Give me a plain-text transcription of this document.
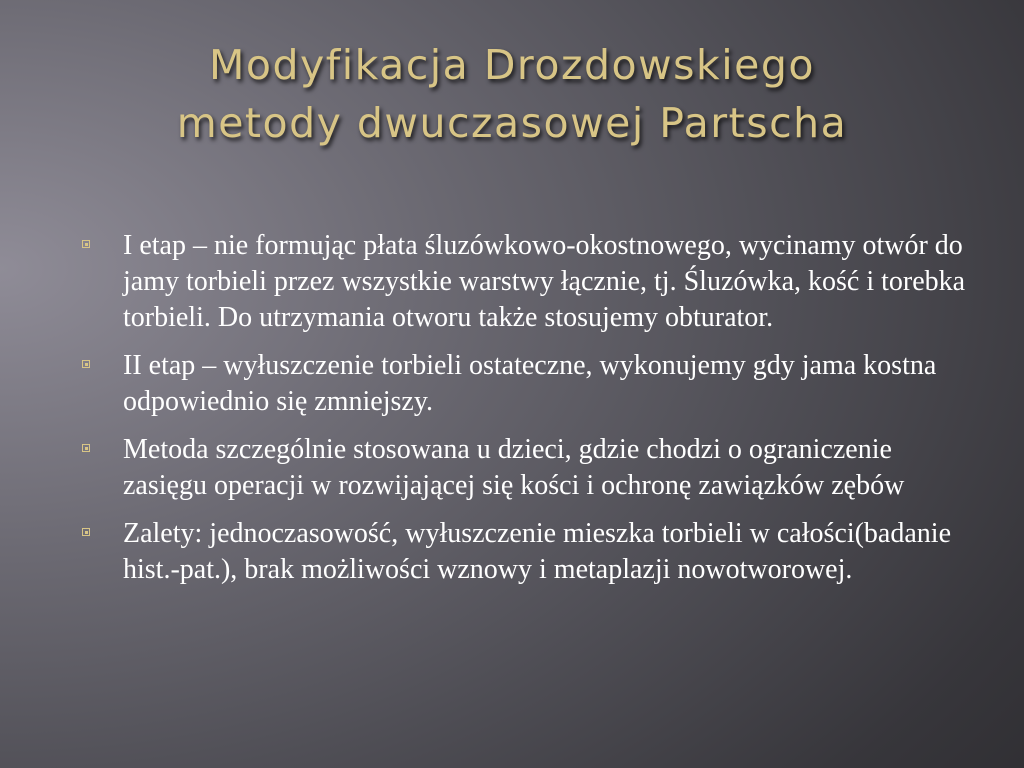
Modyfikacja Drozdowskiego
metody dwuczasowej Partscha
I etap – nie formując płata śluzówkowo-okostnowego, wycinamy otwór do jamy torbieli przez wszystkie warstwy łącznie, tj. Śluzówka, kość i torebka torbieli. Do utrzymania otworu także stosujemy obturator.
II etap – wyłuszczenie torbieli ostateczne, wykonujemy gdy jama kostna odpowiednio się zmniejszy.
Metoda szczególnie stosowana u dzieci, gdzie chodzi o ograniczenie zasięgu operacji w rozwijającej się kości i ochronę zawiązków zębów
Zalety: jednoczasowość, wyłuszczenie mieszka torbieli w całości(badanie hist.-pat.), brak możliwości wznowy i metaplazji nowotworowej.
